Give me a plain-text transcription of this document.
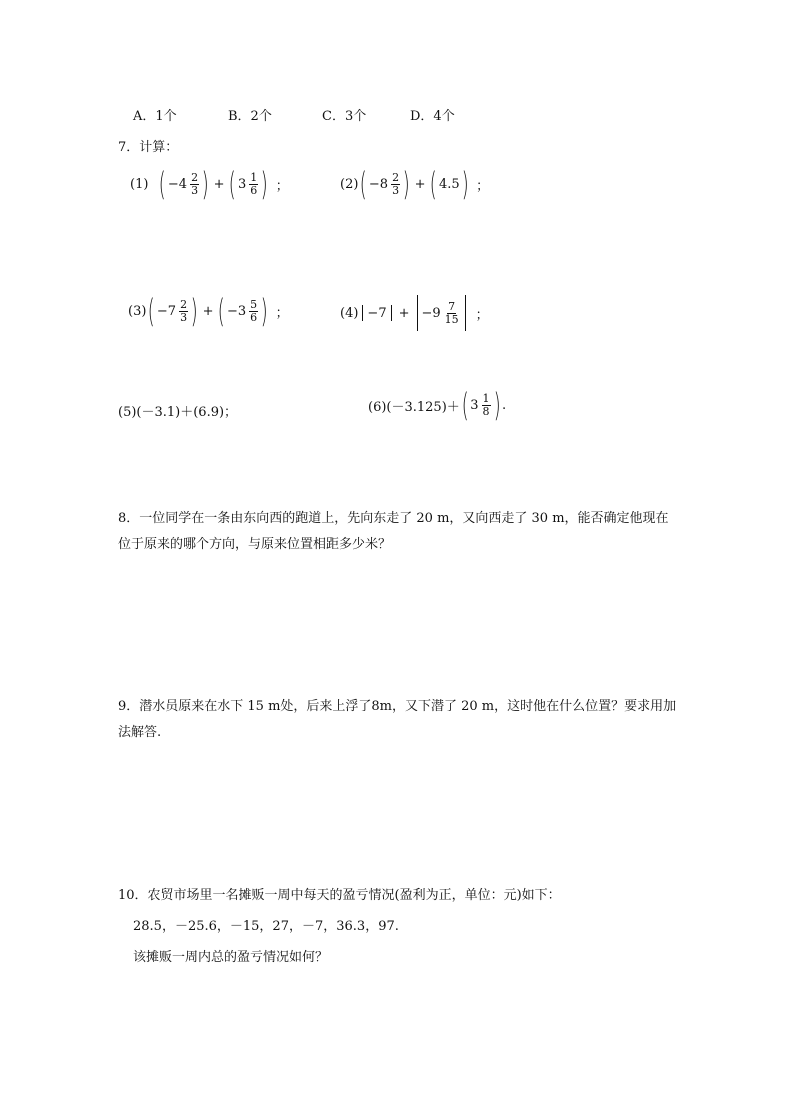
A．1个	B．2个	C．3个	D．4个
7．计算：
(1) ( $-4 \frac{2}{3}$ ) + ( $3 \frac{1}{6}$ ) ；	(2) ( $-8 \frac{2}{3}$ ) + ( 4.5 ) ；
(3) ( $-7 \frac{2}{3}$ ) + ( $-3 \frac{5}{6}$ ) ；	$(4) -7 + -9 \frac{7}{15}$ ；
(5)(－3.1)＋(6.9)；	(6)(－3.125)＋ ( $3 \frac{1}{8}$ ) .
8．一位同学在一条由东向西的跑道上，先向东走了 20 m，又向西走了 30 m，能否确定他现在位于原来的哪个方向，与原来位置相距多少米？
9．潜水员原来在水下 15 m处，后来上浮了8m，又下潜了 20 m，这时他在什么位置？要求用加法解答.
10．农贸市场里一名摊贩一周中每天的盈亏情况(盈利为正，单位：元)如下：
28.5，－25.6，－15，27，－7，36.3，97.
该摊贩一周内总的盈亏情况如何？
